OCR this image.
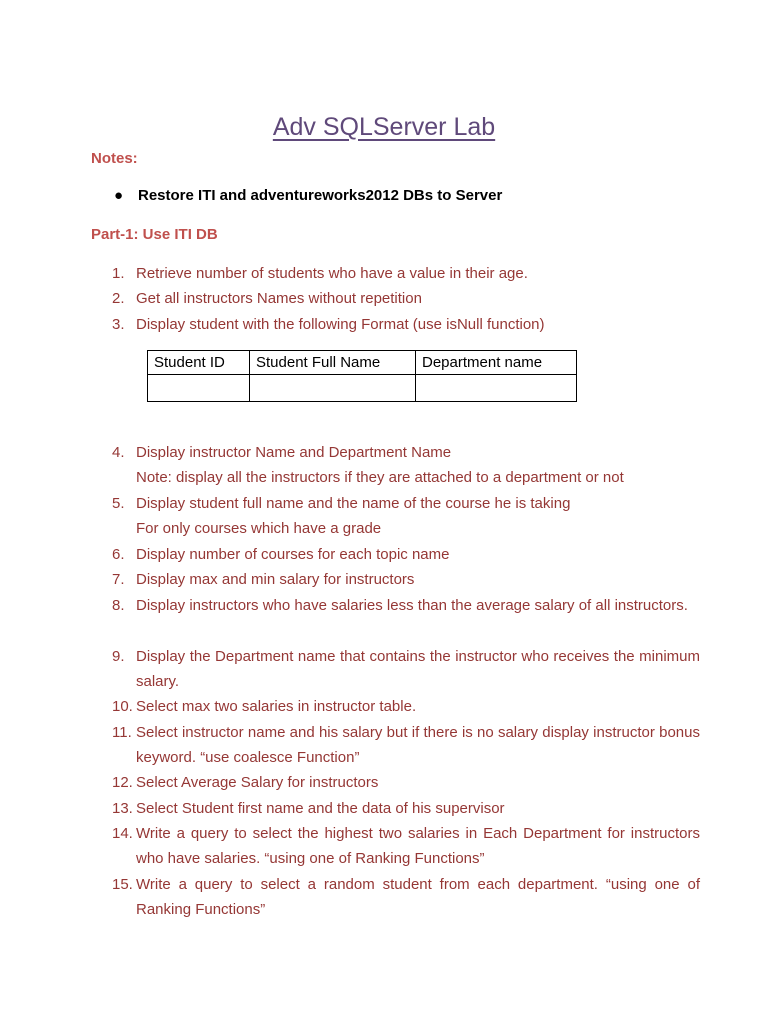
Adv SQLServer Lab
Notes:
● Restore ITI and adventureworks2012 DBs to Server
Part-1: Use ITI DB
1. Retrieve number of students who have a value in their age.
2. Get all instructors Names without repetition
3. Display student with the following Format (use isNull function)
4. Display instructor Name and Department Name
Note: display all the instructors if they are attached to a department or not
5. Display student full name and the name of the course he is taking
For only courses which have a grade
6. Display number of courses for each topic name
7. Display max and min salary for instructors
8. Display instructors who have salaries less than the average salary of all instructors.
9. Display the Department name that contains the instructor who receives the minimum salary.
10. Select max two salaries in instructor table.
11. Select instructor name and his salary but if there is no salary display instructor bonus keyword. “use coalesce Function”
12. Select Average Salary for instructors
13. Select Student first name and the data of his supervisor
14. Write a query to select the highest two salaries in Each Department for instructors who have salaries. “using one of Ranking Functions”
15. Write a query to select a random student from each department. “using one of Ranking Functions”
Student ID	Student Full Name	Department name
